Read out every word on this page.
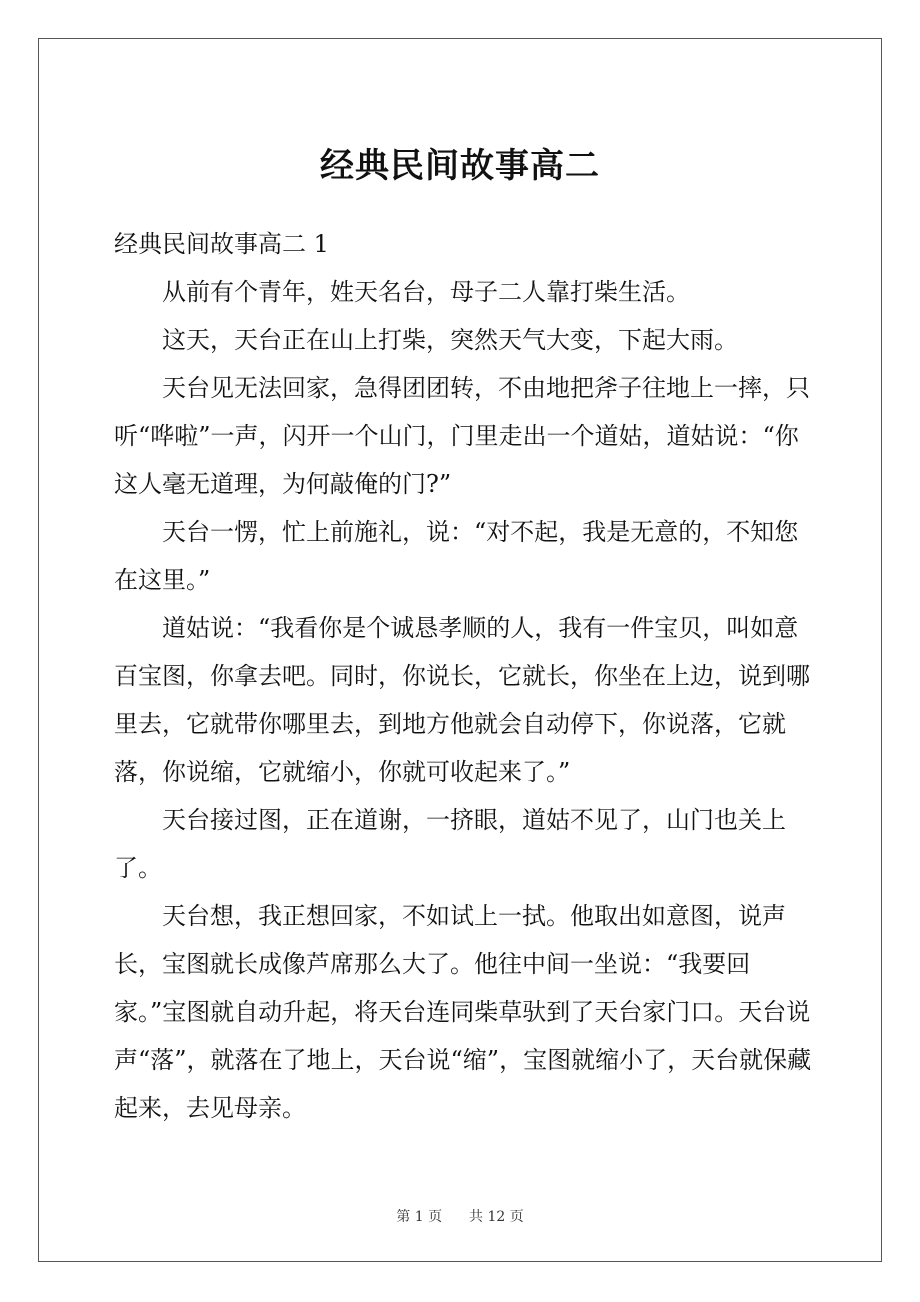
经典民间故事高二

经典民间故事高二 1

从前有个青年，姓天名台，母子二人靠打柴生活。

这天，天台正在山上打柴，突然天气大变，下起大雨。

天台见无法回家，急得团团转，不由地把斧子往地上一摔，只听“哗啦”一声，闪开一个山门，门里走出一个道姑，道姑说：“你这人毫无道理，为何敲俺的门?”

天台一愣，忙上前施礼，说：“对不起，我是无意的，不知您在这里。”

道姑说：“我看你是个诚恳孝顺的人，我有一件宝贝，叫如意百宝图，你拿去吧。同时，你说长，它就长，你坐在上边，说到哪里去，它就带你哪里去，到地方他就会自动停下，你说落，它就落，你说缩，它就缩小，你就可收起来了。”

天台接过图，正在道谢，一挤眼，道姑不见了，山门也关上了。

天台想，我正想回家，不如试上一拭。他取出如意图，说声长，宝图就长成像芦席那么大了。他往中间一坐说：“我要回家。”宝图就自动升起，将天台连同柴草驮到了天台家门口。天台说声“落”，就落在了地上，天台说“缩”，宝图就缩小了，天台就保藏起来，去见母亲。

第 1 页 共 12 页
